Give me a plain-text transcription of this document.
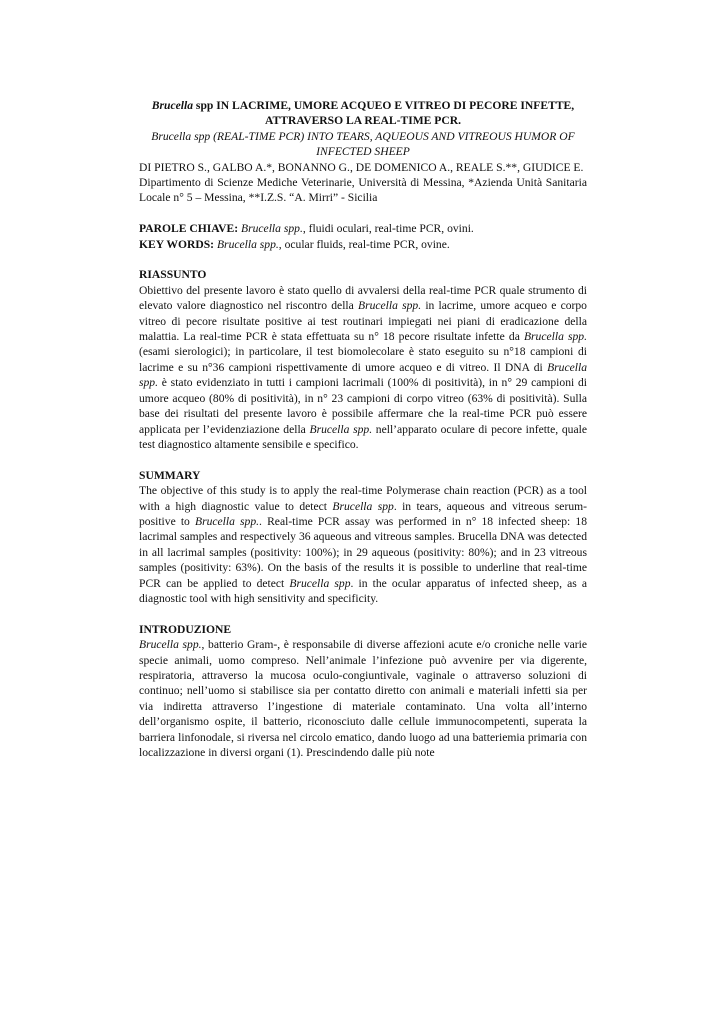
Brucella spp IN LACRIME, UMORE ACQUEO E VITREO DI PECORE INFETTE, ATTRAVERSO LA REAL-TIME PCR.
Brucella spp (REAL-TIME PCR) INTO TEARS, AQUEOUS AND VITREOUS HUMOR OF INFECTED SHEEP
DI PIETRO S., GALBO A.*, BONANNO G., DE DOMENICO A., REALE S.**, GIUDICE E.
Dipartimento di Scienze Mediche Veterinarie, Università di Messina, *Azienda Unità Sanitaria Locale n° 5 – Messina, **I.Z.S. “A. Mirri” - Sicilia
PAROLE CHIAVE: Brucella spp., fluidi oculari, real-time PCR, ovini.
KEY WORDS: Brucella spp., ocular fluids, real-time PCR, ovine.
RIASSUNTO
Obiettivo del presente lavoro è stato quello di avvalersi della real-time PCR quale strumento di elevato valore diagnostico nel riscontro della Brucella spp. in lacrime, umore acqueo e corpo vitreo di pecore risultate positive ai test routinari impiegati nei piani di eradicazione della malattia. La real-time PCR è stata effettuata su n° 18 pecore risultate infette da Brucella spp. (esami sierologici); in particolare, il test biomolecolare è stato eseguito su n°18 campioni di lacrime e su n°36 campioni rispettivamente di umore acqueo e di vitreo. Il DNA di Brucella spp. è stato evidenziato in tutti i campioni lacrimali (100% di positività), in n° 29 campioni di umore acqueo (80% di positività), in n° 23 campioni di corpo vitreo (63% di positività). Sulla base dei risultati del presente lavoro è possibile affermare che la real-time PCR può essere applicata per l’evidenziazione della Brucella spp. nell’apparato oculare di pecore infette, quale test diagnostico altamente sensibile e specifico.
SUMMARY
The objective of this study is to apply the real-time Polymerase chain reaction (PCR) as a tool with a high diagnostic value to detect Brucella spp. in tears, aqueous and vitreous serum-positive to Brucella spp.. Real-time PCR assay was performed in n° 18 infected sheep: 18 lacrimal samples and respectively 36 aqueous and vitreous samples. Brucella DNA was detected in all lacrimal samples (positivity: 100%); in 29 aqueous (positivity: 80%); and in 23 vitreous samples (positivity: 63%). On the basis of the results it is possible to underline that real-time PCR can be applied to detect Brucella spp. in the ocular apparatus of infected sheep, as a diagnostic tool with high sensitivity and specificity.
INTRODUZIONE
Brucella spp., batterio Gram-, è responsabile di diverse affezioni acute e/o croniche nelle varie specie animali, uomo compreso. Nell’animale l’infezione può avvenire per via digerente, respiratoria, attraverso la mucosa oculo-congiuntivale, vaginale o attraverso soluzioni di continuo; nell’uomo si stabilisce sia per contatto diretto con animali e materiali infetti sia per via indiretta attraverso l’ingestione di materiale contaminato. Una volta all’interno dell’organismo ospite, il batterio, riconosciuto dalle cellule immunocompetenti, superata la barriera linfonodale, si riversa nel circolo ematico, dando luogo ad una batteriemia primaria con localizzazione in diversi organi (1). Prescindendo dalle più note
